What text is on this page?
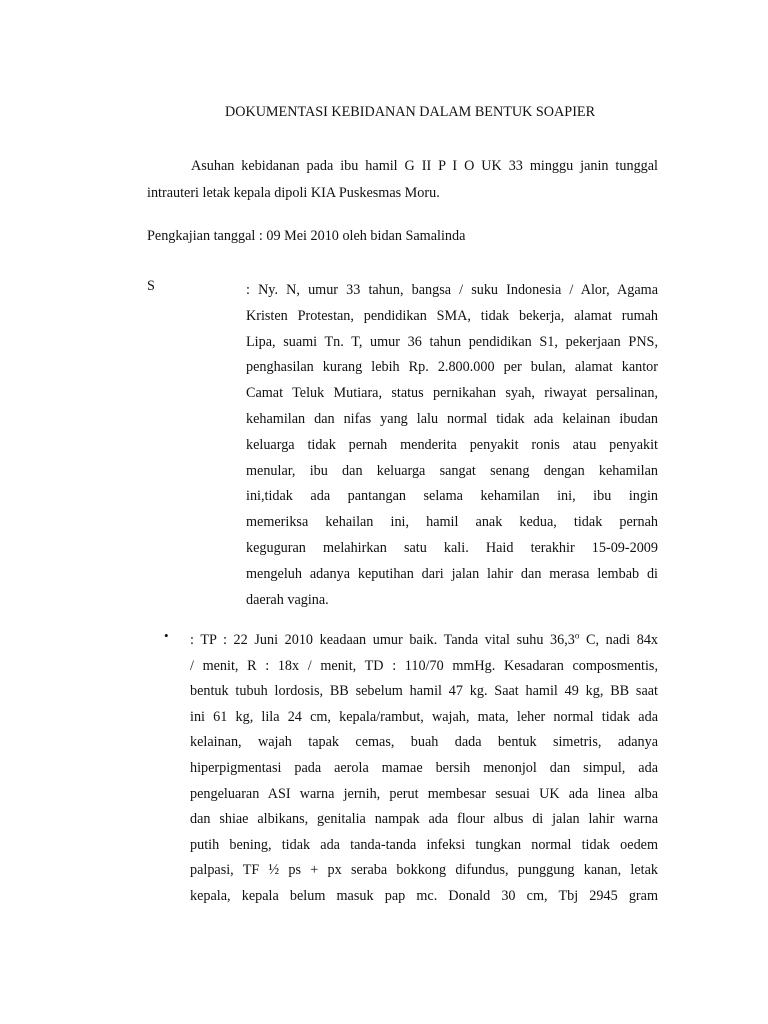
DOKUMENTASI KEBIDANAN DALAM BENTUK SOAPIER
Asuhan kebidanan pada ibu hamil G II P I O UK 33 minggu janin tunggal intrauteri letak kepala dipoli KIA Puskesmas Moru.
Pengkajian tanggal : 09 Mei 2010 oleh bidan Samalinda
S	: Ny. N, umur 33 tahun, bangsa / suku Indonesia / Alor, Agama
Kristen Protestan, pendidikan SMA, tidak bekerja, alamat rumah
Lipa, suami Tn. T, umur 36 tahun pendidikan S1, pekerjaan PNS,
penghasilan kurang lebih Rp. 2.800.000 per bulan, alamat kantor
Camat Teluk Mutiara, status pernikahan syah, riwayat persalinan,
kehamilan dan nifas yang lalu normal tidak ada kelainan ibudan
keluarga tidak pernah menderita penyakit ronis atau penyakit
menular, ibu dan keluarga sangat senang dengan kehamilan
ini,tidak ada pantangan selama kehamilan ini, ibu ingin
memeriksa kehailan ini, hamil anak kedua, tidak pernah
keguguran melahirkan satu kali. Haid terakhir 15-09-2009
mengeluh adanya keputihan dari jalan lahir dan merasa lembab di
daerah vagina.
• : TP : 22 Juni 2010 keadaan umur baik. Tanda vital suhu 36,3$^o$ C, nadi 84x
/ menit, R : 18x / menit, TD : 110/70 mmHg. Kesadaran composmentis,
bentuk tubuh lordosis, BB sebelum hamil 47 kg. Saat hamil 49 kg, BB saat
ini 61 kg, lila 24 cm, kepala/rambut, wajah, mata, leher normal tidak ada
kelainan, wajah tapak cemas, buah dada bentuk simetris, adanya
hiperpigmentasi pada aerola mamae bersih menonjol dan simpul, ada
pengeluaran ASI warna jernih, perut membesar sesuai UK ada linea alba
dan shiae albikans, genitalia nampak ada flour albus di jalan lahir warna
putih bening, tidak ada tanda-tanda infeksi tungkan normal tidak oedem
palpasi, TF ½ ps + px seraba bokkong difundus, punggung kanan, letak
kepala, kepala belum masuk pap mc. Donald 30 cm, Tbj 2945 gram
